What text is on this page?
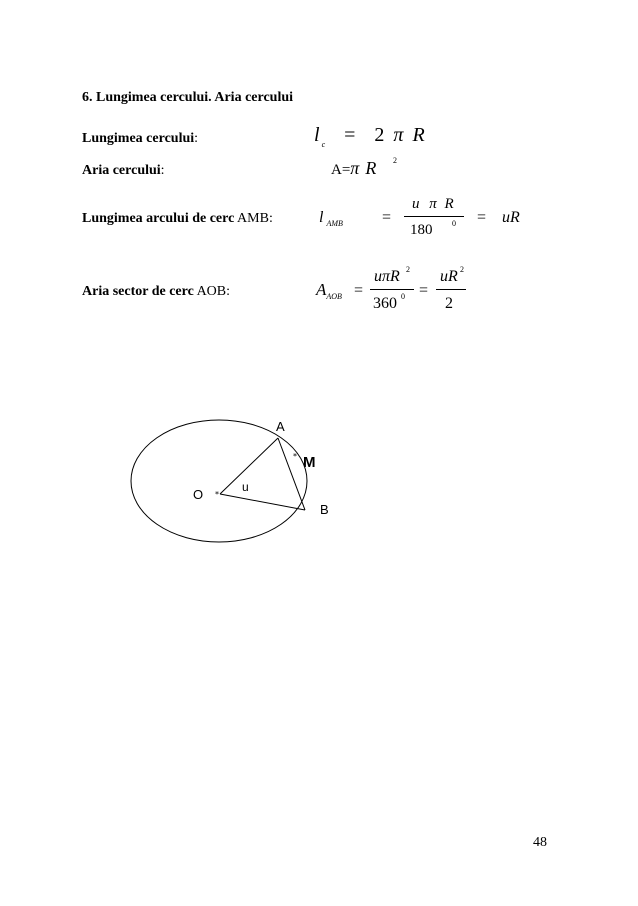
6. Lungimea cercului. Aria cercului
Lungimea cercului:	l $_c$ = 2 π R
Aria cercului:	A=π R 2
Lungimea arcului de cerc AMB:	l $_{AMB}$ =
u π R
180 0 = uR
Aria sector de cerc AOB:	$A_{AOB}$ =
uπR 2
360 0 =
uR 2
2
*
*
A
B
O
M
u
48
